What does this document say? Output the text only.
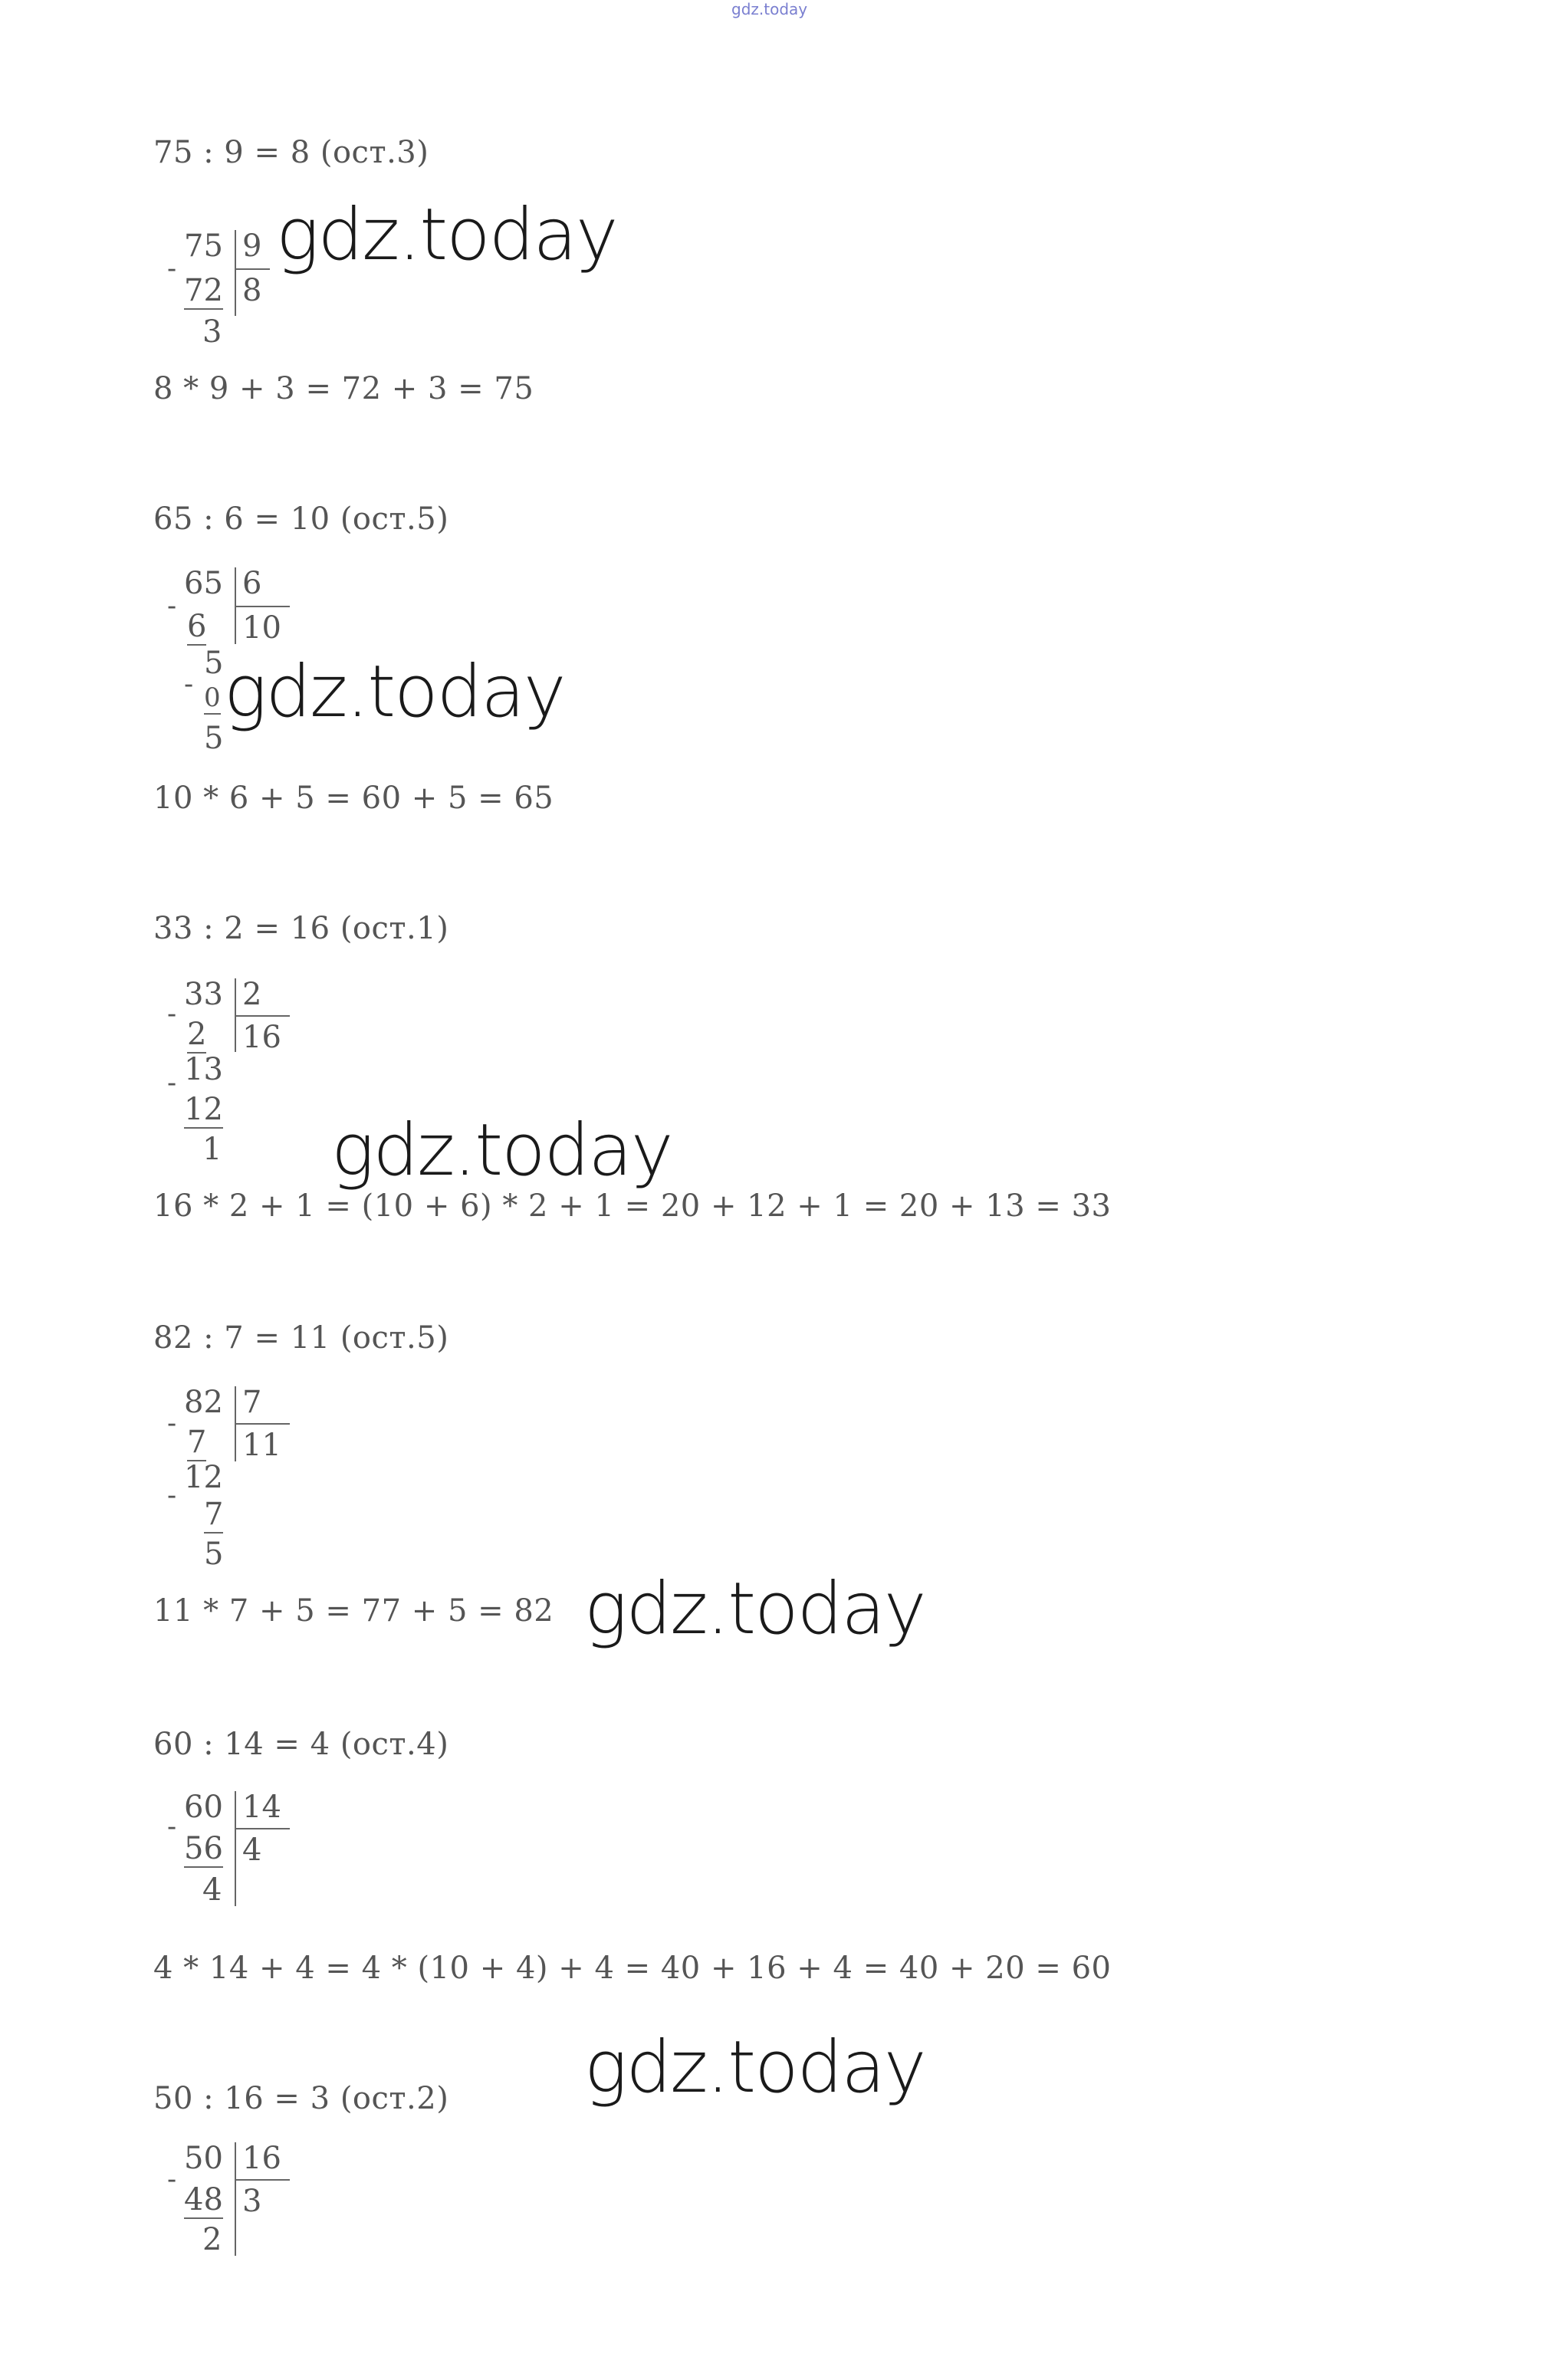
gdz.today
75 : 9 = 8 (ост.3)
-
75 9
8
72
3
8 * 9 + 3 = 72 + 3 = 75
65 : 6 = 10 (ост.5)
-
65 6
10
6
5
- 0
5
10 * 6 + 5 = 60 + 5 = 65
33 : 2 = 16 (ост.1)
-
33 2
16
2
- 13
12
1
16 * 2 + 1 = (10 + 6) * 2 + 1 = 20 + 12 + 1 = 20 + 13 = 33
82 : 7 = 11 (ост.5)
-
82 7
11
7
-
12
7
5
11 * 7 + 5 = 77 + 5 = 82
60 : 14 = 4 (ост.4)
-
60 14
4
56
4
4 * 14 + 4 = 4 * (10 + 4) + 4 = 40 + 16 + 4 = 40 + 20 = 60
50 : 16 = 3 (ост.2)
-
50 16
3
48
2
gdz.today
gdz.today
gdz.today
gdz.today
gdz.today
